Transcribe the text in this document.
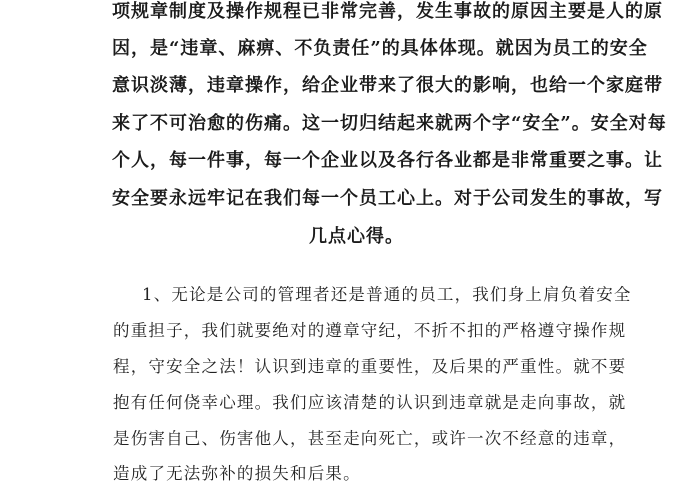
项规章制度及操作规程已非常完善，发生事故的原因主要是人的原
因，是“违章、麻痹、不负责任”的具体体现。就因为员工的安全
意识淡薄，违章操作，给企业带来了很大的影响，也给一个家庭带
来了不可治愈的伤痛。这一切归结起来就两个字“安全”。安全对每
个人，每一件事，每一个企业以及各行各业都是非常重要之事。让
安全要永远牢记在我们每一个员工心上。对于公司发生的事故，写
几点心得。
1、无论是公司的管理者还是普通的员工，我们身上肩负着安全
的重担子，我们就要绝对的遵章守纪，不折不扣的严格遵守操作规
程，守安全之法！认识到违章的重要性，及后果的严重性。就不要
抱有任何侥幸心理。我们应该清楚的认识到违章就是走向事故，就
是伤害自己、伤害他人，甚至走向死亡，或许一次不经意的违章，
造成了无法弥补的损失和后果。
